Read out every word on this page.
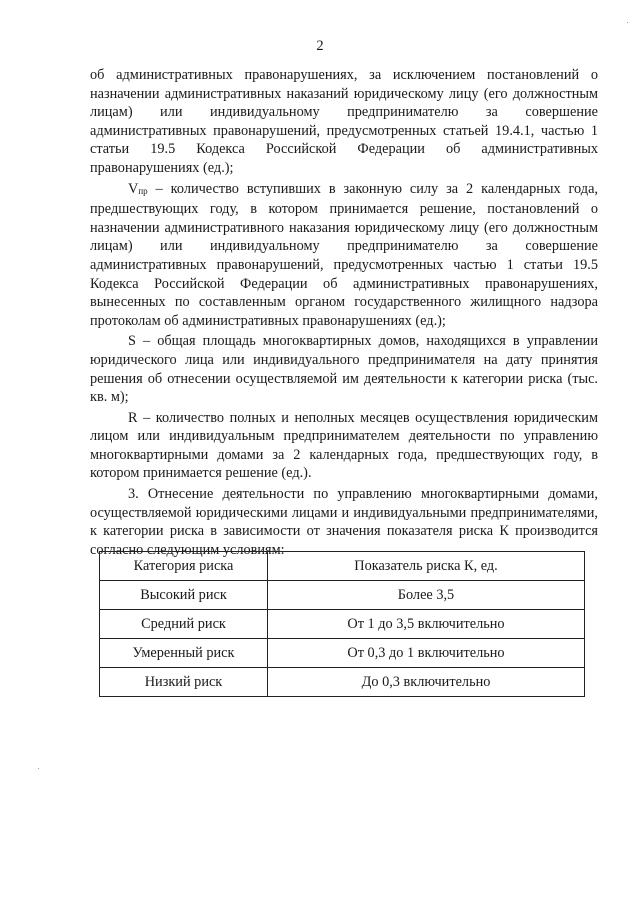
2

об административных правонарушениях, за исключением постановлений о назначении административных наказаний юридическому лицу (его должностным лицам) или индивидуальному предпринимателю за совершение административных правонарушений, предусмотренных статьей 19.4.1, частью 1 статьи 19.5 Кодекса Российской Федерации об административных правонарушениях (ед.);

Vпр – количество вступивших в законную силу за 2 календарных года, предшествующих году, в котором принимается решение, постановлений о назначении административного наказания юридическому лицу (его должностным лицам) или индивидуальному предпринимателю за совершение административных правонарушений, предусмотренных частью 1 статьи 19.5 Кодекса Российской Федерации об административных правонарушениях, вынесенных по составленным органом государственного жилищного надзора протоколам об административных правонарушениях (ед.);

S – общая площадь многоквартирных домов, находящихся в управлении юридического лица или индивидуального предпринимателя на дату принятия решения об отнесении осуществляемой им деятельности к категории риска (тыс. кв. м);

R – количество полных и неполных месяцев осуществления юридическим лицом или индивидуальным предпринимателем деятельности по управлению многоквартирными домами за 2 календарных года, предшествующих году, в котором принимается решение (ед.).

3. Отнесение деятельности по управлению многоквартирными домами, осуществляемой юридическими лицами и индивидуальными предпринимателями, к категории риска в зависимости от значения показателя риска К производится согласно следующим условиям:

Категория риска	Показатель риска К, ед.
Высокий риск	Более 3,5
Средний риск	От 1 до 3,5 включительно
Умеренный риск	От 0,3 до 1 включительно
Низкий риск	До 0,3 включительно
